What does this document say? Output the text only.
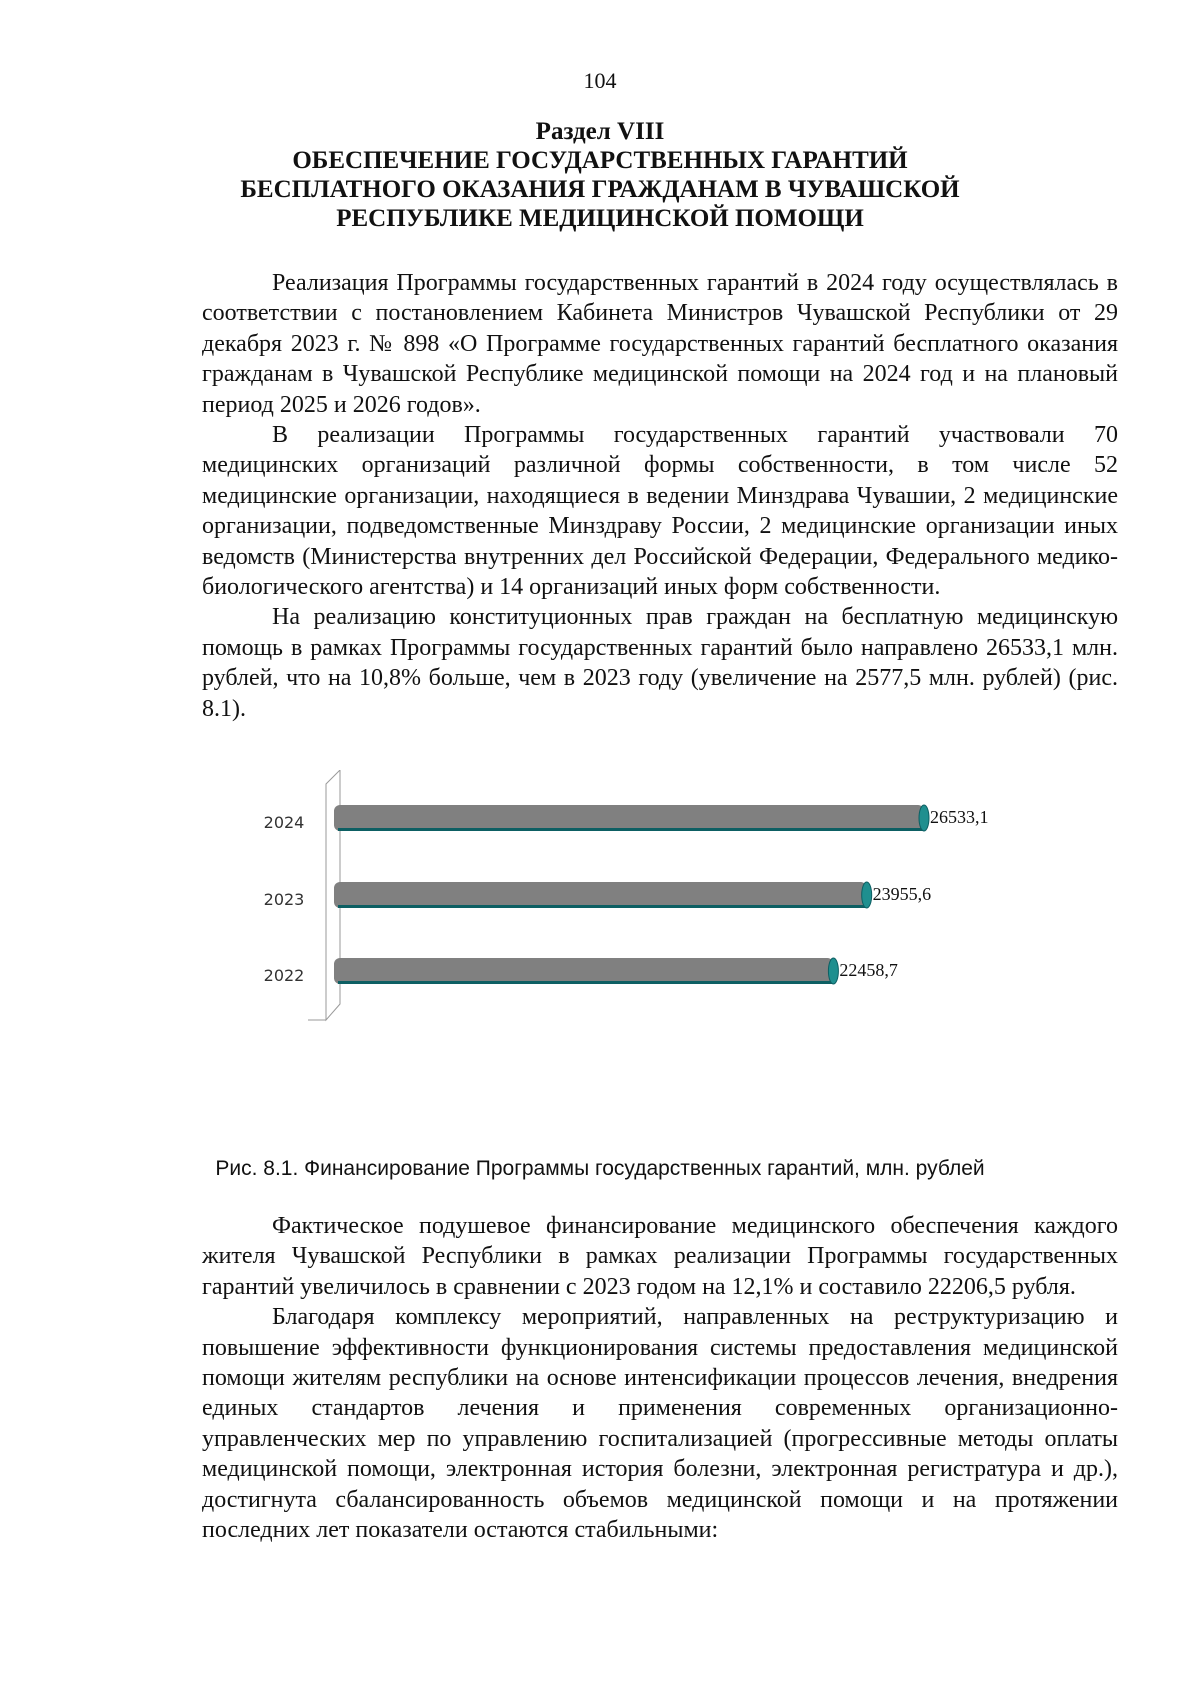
104
Раздел VIII
ОБЕСПЕЧЕНИЕ ГОСУДАРСТВЕННЫХ ГАРАНТИЙ
БЕСПЛАТНОГО ОКАЗАНИЯ ГРАЖДАНАМ В ЧУВАШСКОЙ
РЕСПУБЛИКЕ МЕДИЦИНСКОЙ ПОМОЩИ

Реализация Программы государственных гарантий в 2024 году осуществлялась в соответствии с постановлением Кабинета Министров Чувашской Республики от 29 декабря 2023 г. № 898 «О Программе государственных гарантий бесплатного оказания гражданам в Чувашской Республике медицинской помощи на 2024 год и на плановый период 2025 и 2026 годов».

В реализации Программы государственных гарантий участвовали 70 медицинских организаций различной формы собственности, в том числе 52 медицинские организации, находящиеся в ведении Минздрава Чувашии, 2 медицинские организации, подведомственные Минздраву России, 2 медицинские организации иных ведомств (Министерства внутренних дел Российской Федерации, Федерального медико-биологического агентства) и 14 организаций иных форм собственности.

На реализацию конституционных прав граждан на бесплатную медицинскую помощь в рамках Программы государственных гарантий было направлено 26533,1 млн. рублей, что на 10,8% больше, чем в 2023 году (увеличение на 2577,5 млн. рублей) (рис. 8.1).

2024	26533,1
2023	23955,6
2022	22458,7
Рис. 8.1. Финансирование Программы государственных гарантий, млн. рублей

Фактическое подушевое финансирование медицинского обеспечения каждого жителя Чувашской Республики в рамках реализации Программы государственных гарантий увеличилось в сравнении с 2023 годом на 12,1% и составило 22206,5 рубля.

Благодаря комплексу мероприятий, направленных на реструктуризацию и повышение эффективности функционирования системы предоставления медицинской помощи жителям республики на основе интенсификации процессов лечения, внедрения единых стандартов лечения и применения современных организационно-управленческих мер по управлению госпитализацией (прогрессивные методы оплаты медицинской помощи, электронная история болезни, электронная регистратура и др.), достигнута сбалансированность объемов медицинской помощи и на протяжении последних лет показатели остаются стабильными:
